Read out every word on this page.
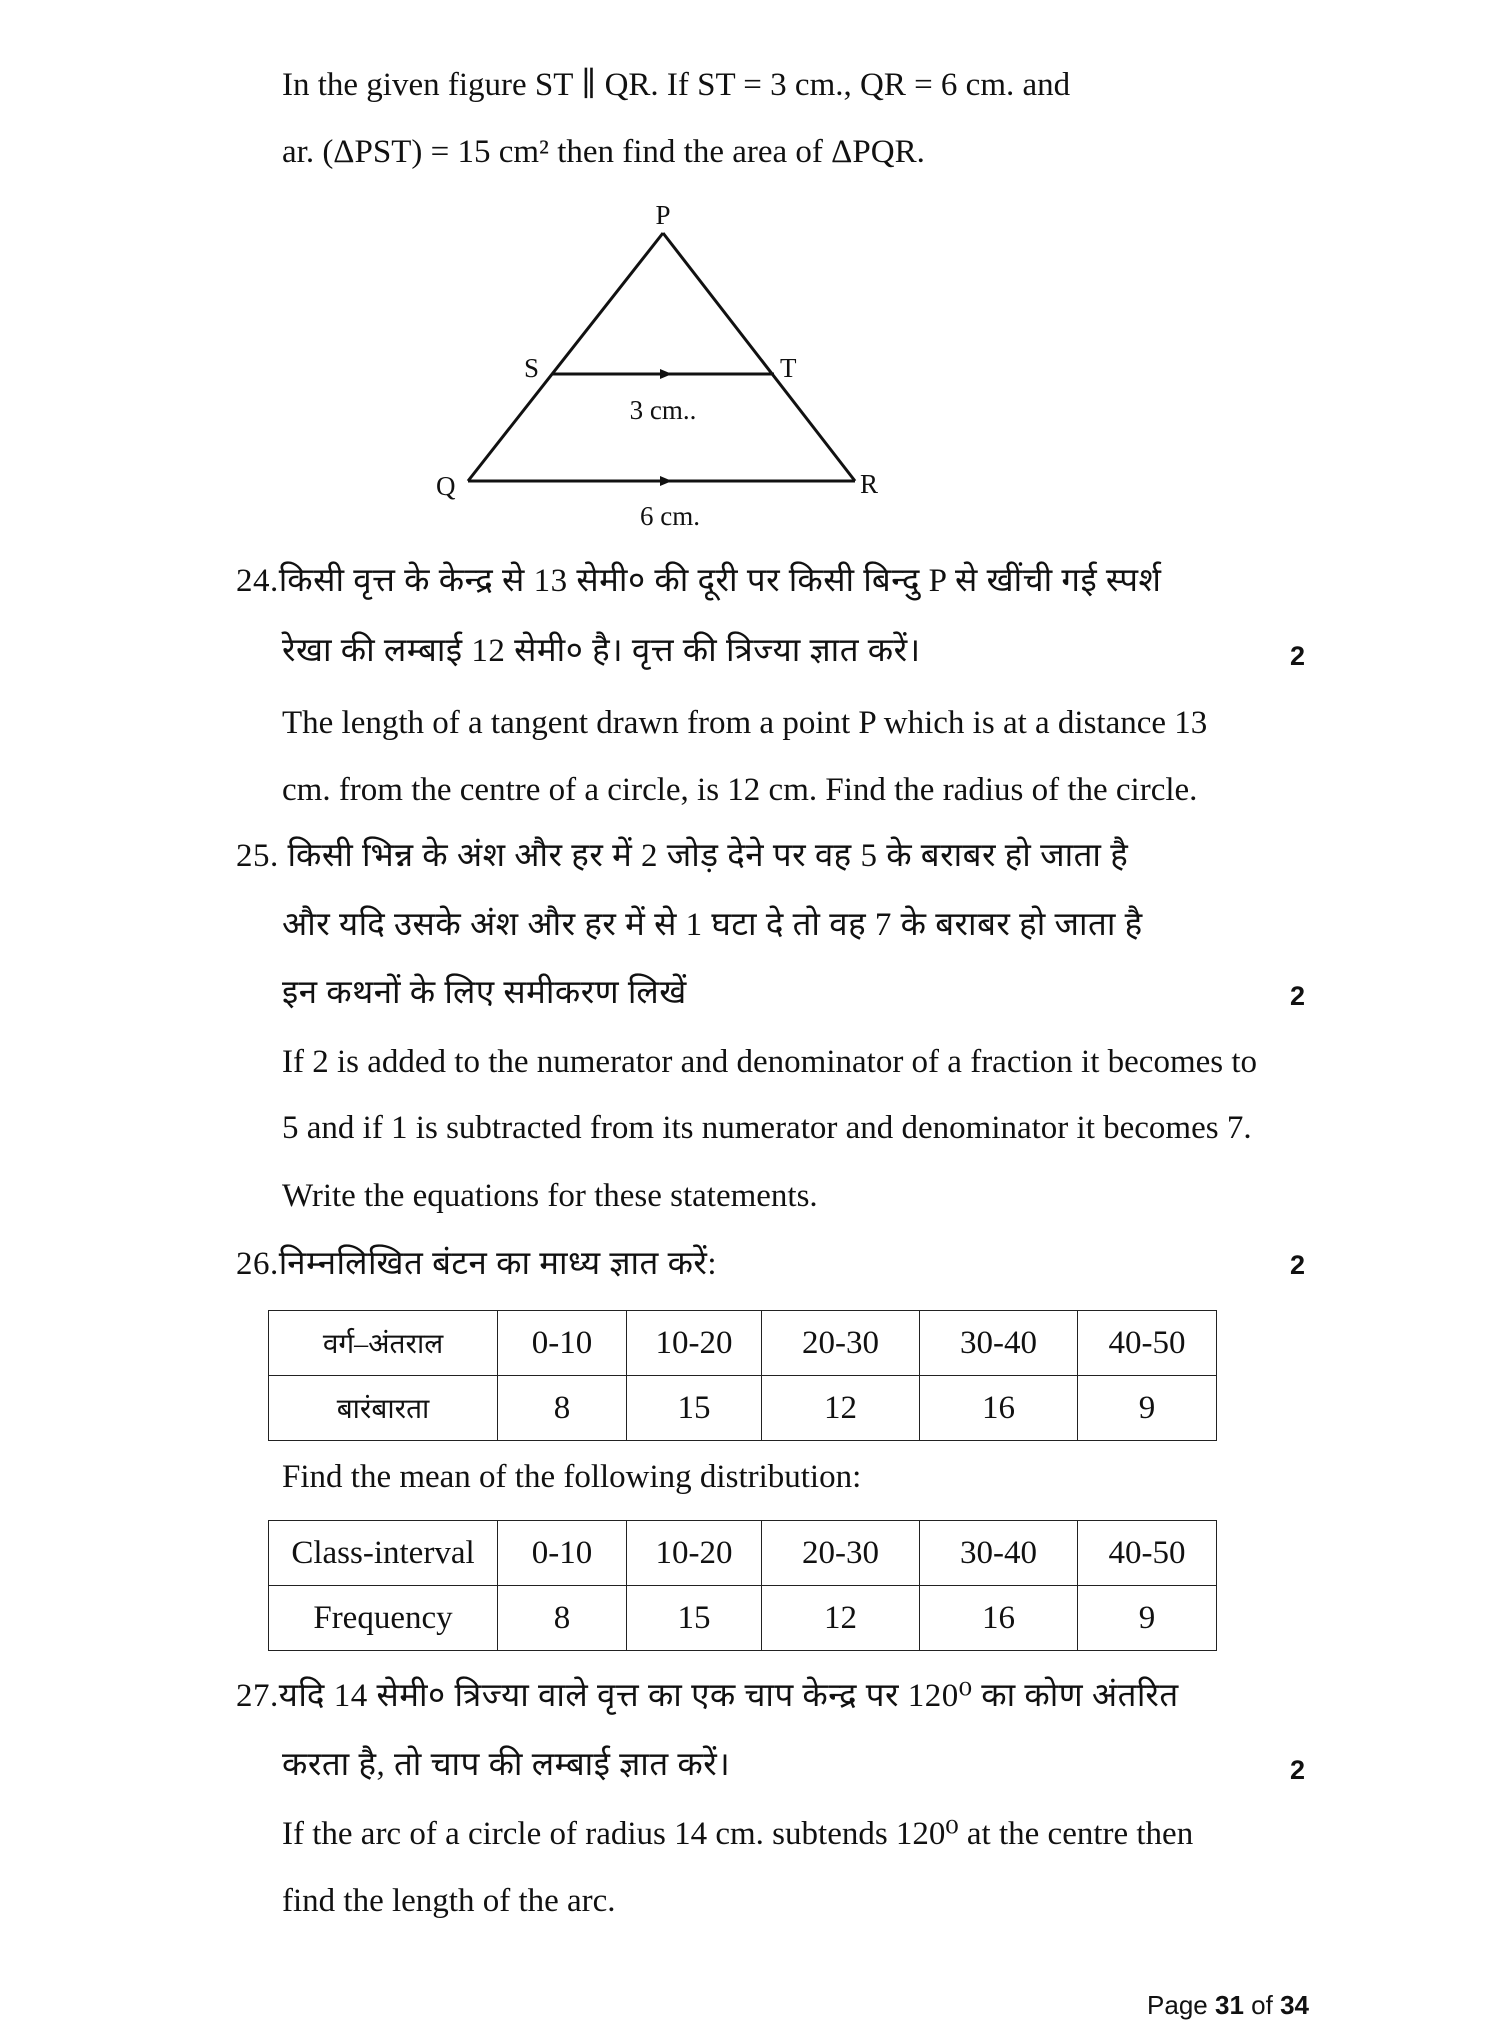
In the given figure ST ∥ QR. If ST = 3 cm., QR = 6 cm. and
ar. (ΔPST) = 15 cm² then find the area of ΔPQR.
P
S	T
Q	R
3 cm..
6 cm.
24.किसी वृत्त के केन्द्र से 13 सेमी० की दूरी पर किसी बिन्दु P से खींची गई स्पर्श
रेखा की लम्बाई 12 सेमी० है। वृत्त की त्रिज्या ज्ञात करें।	2
The length of a tangent drawn from a point P which is at a distance 13
cm. from the centre of a circle, is 12 cm. Find the radius of the circle.
25. किसी भिन्न के अंश और हर में 2 जोड़ देने पर वह 5 के बराबर हो जाता है
और यदि उसके अंश और हर में से 1 घटा दे तो वह 7 के बराबर हो जाता है
इन कथनों के लिए समीकरण लिखें	2
If 2 is added to the numerator and denominator of a fraction it becomes to
5 and if 1 is subtracted from its numerator and denominator it becomes 7.
Write the equations for these statements.
26.निम्नलिखित बंटन का माध्य ज्ञात करें:	2
वर्ग–अंतराल	0-10	10-20	20-30	30-40	40-50
बारंबारता	8	15	12	16	9
Find the mean of the following distribution:
Class-interval	0-10	10-20	20-30	30-40	40-50
Frequency	8	15	12	16	9
27.यदि 14 सेमी० त्रिज्या वाले वृत्त का एक चाप केन्द्र पर 120⁰ का कोण अंतरित
करता है, तो चाप की लम्बाई ज्ञात करें।	2
If the arc of a circle of radius 14 cm. subtends 120⁰ at the centre then
find the length of the arc.
Page 31 of 34
